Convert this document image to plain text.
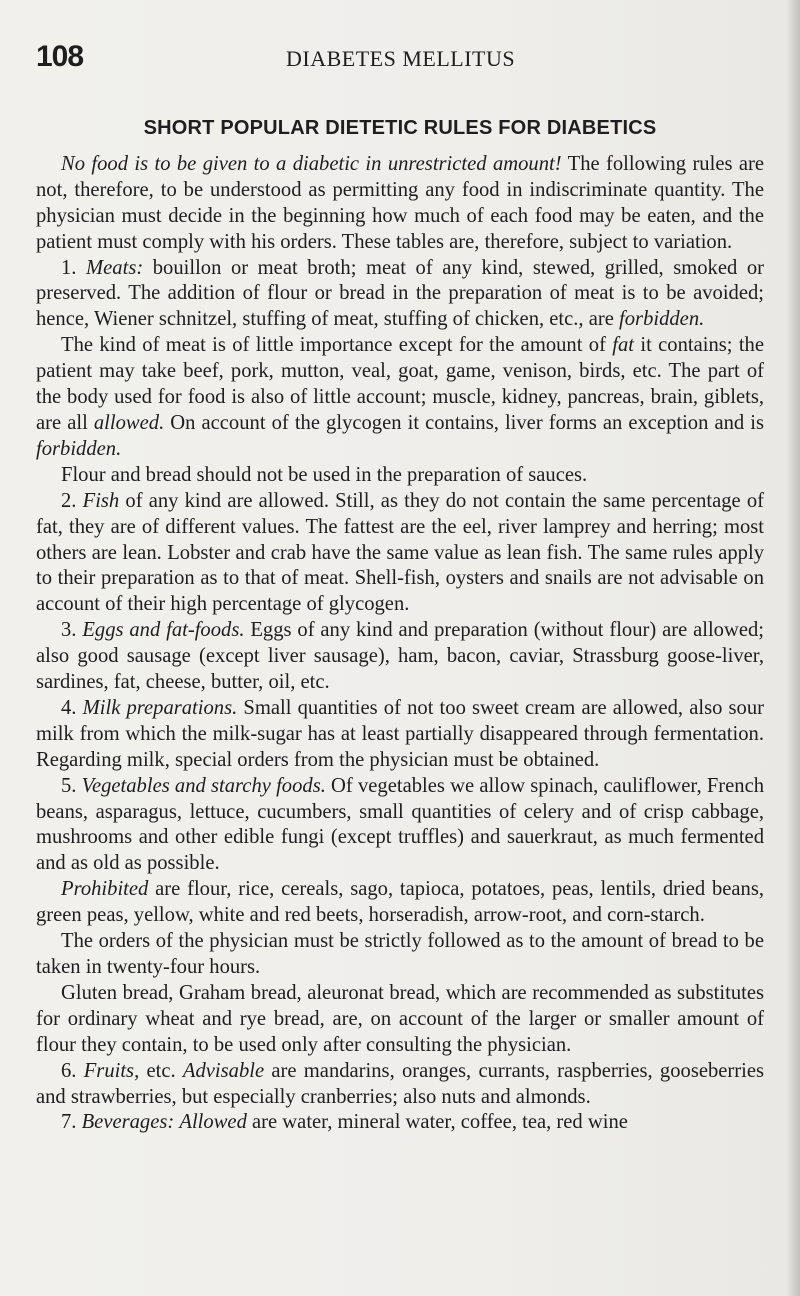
108	DIABETES MELLITUS
SHORT POPULAR DIETETIC RULES FOR DIABETICS

No food is to be given to a diabetic in unrestricted amount! The following rules are not, therefore, to be understood as permitting any food in indiscriminate quantity. The physician must decide in the beginning how much of each food may be eaten, and the patient must comply with his orders. These tables are, therefore, subject to variation.

1. Meats: bouillon or meat broth; meat of any kind, stewed, grilled, smoked or preserved. The addition of flour or bread in the preparation of meat is to be avoided; hence, Wiener schnitzel, stuffing of meat, stuffing of chicken, etc., are forbidden.

The kind of meat is of little importance except for the amount of fat it contains; the patient may take beef, pork, mutton, veal, goat, game, venison, birds, etc. The part of the body used for food is also of little account; muscle, kidney, pancreas, brain, giblets, are all allowed. On account of the glycogen it contains, liver forms an exception and is forbidden.

Flour and bread should not be used in the preparation of sauces.

2. Fish of any kind are allowed. Still, as they do not contain the same percentage of fat, they are of different values. The fattest are the eel, river lamprey and herring; most others are lean. Lobster and crab have the same value as lean fish. The same rules apply to their preparation as to that of meat. Shell-fish, oysters and snails are not advisable on account of their high percentage of glycogen.

3. Eggs and fat-foods. Eggs of any kind and preparation (without flour) are allowed; also good sausage (except liver sausage), ham, bacon, caviar, Strassburg goose-liver, sardines, fat, cheese, butter, oil, etc.

4. Milk preparations. Small quantities of not too sweet cream are allowed, also sour milk from which the milk-sugar has at least partially disappeared through fermentation. Regarding milk, special orders from the physician must be obtained.

5. Vegetables and starchy foods. Of vegetables we allow spinach, cauliflower, French beans, asparagus, lettuce, cucumbers, small quantities of celery and of crisp cabbage, mushrooms and other edible fungi (except truffles) and sauerkraut, as much fermented and as old as possible.

Prohibited are flour, rice, cereals, sago, tapioca, potatoes, peas, lentils, dried beans, green peas, yellow, white and red beets, horseradish, arrow-root, and corn-starch.

The orders of the physician must be strictly followed as to the amount of bread to be taken in twenty-four hours.

Gluten bread, Graham bread, aleuronat bread, which are recommended as substitutes for ordinary wheat and rye bread, are, on account of the larger or smaller amount of flour they contain, to be used only after consulting the physician.

6. Fruits, etc. Advisable are mandarins, oranges, currants, raspberries, gooseberries and strawberries, but especially cranberries; also nuts and almonds.

7. Beverages: Allowed are water, mineral water, coffee, tea, red wine
